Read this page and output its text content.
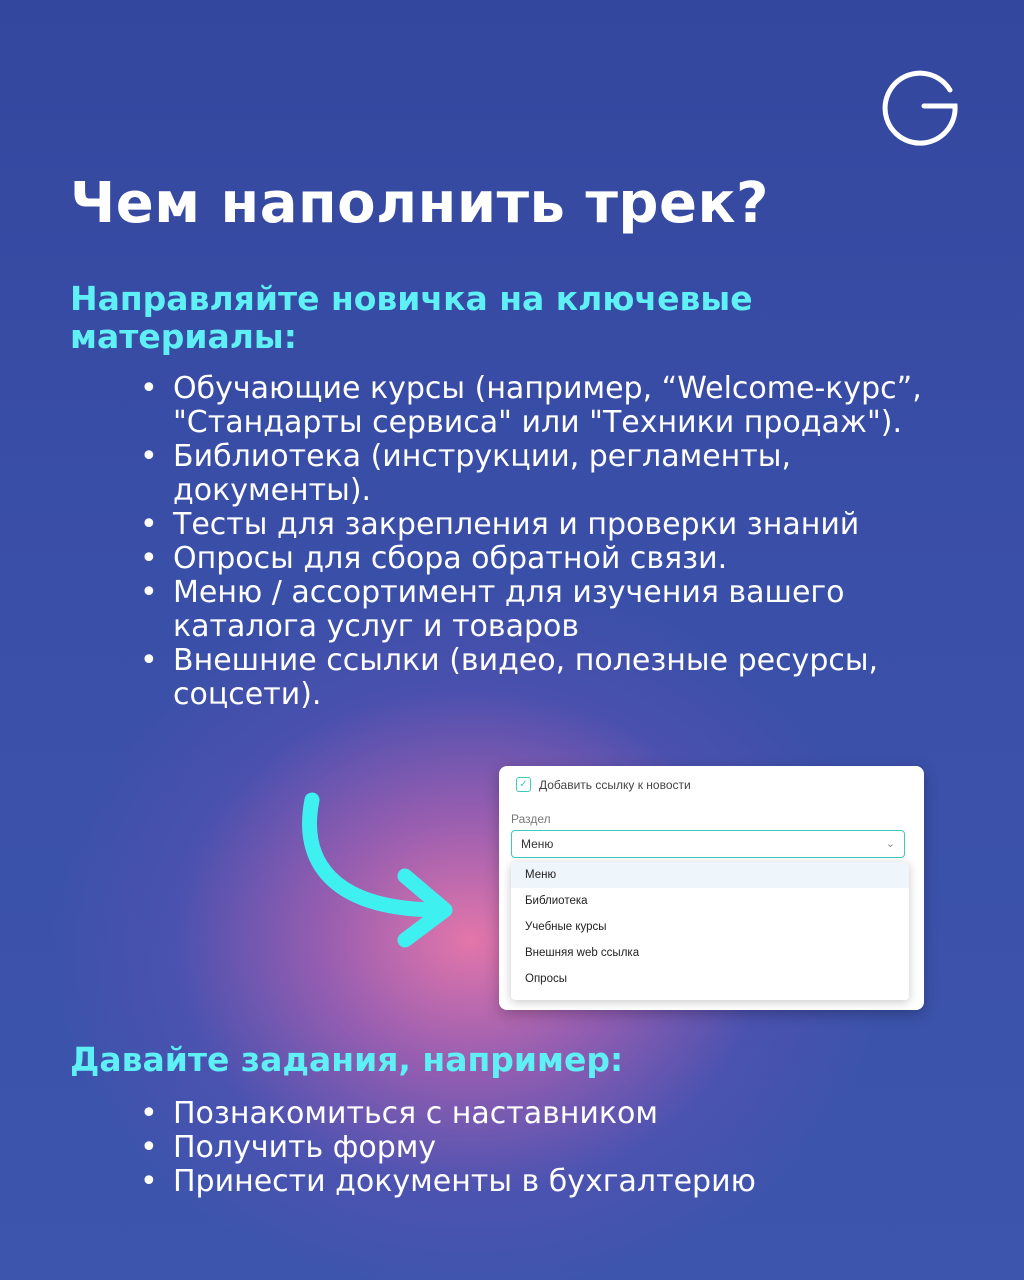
Чем наполнить трек?
Направляйте новичка на ключевые материалы:
• Обучающие курсы (например, “Welcome-курс”, "Стандарты сервиса" или "Техники продаж").
• Библиотека (инструкции, регламенты, документы).
• Тесты для закрепления и проверки знаний
• Опросы для сбора обратной связи.
• Меню / ассортимент для изучения вашего каталога услуг и товаров
• Внешние ссылки (видео, полезные ресурсы, соцсети).
✓ Добавить ссылку к новости
Раздел
Меню	⌄
Меню
Библиотека
Учебные курсы
Внешняя web ссылка
Опросы
Давайте задания, например:
• Познакомиться с наставником
• Получить форму
• Принести документы в бухгалтерию
